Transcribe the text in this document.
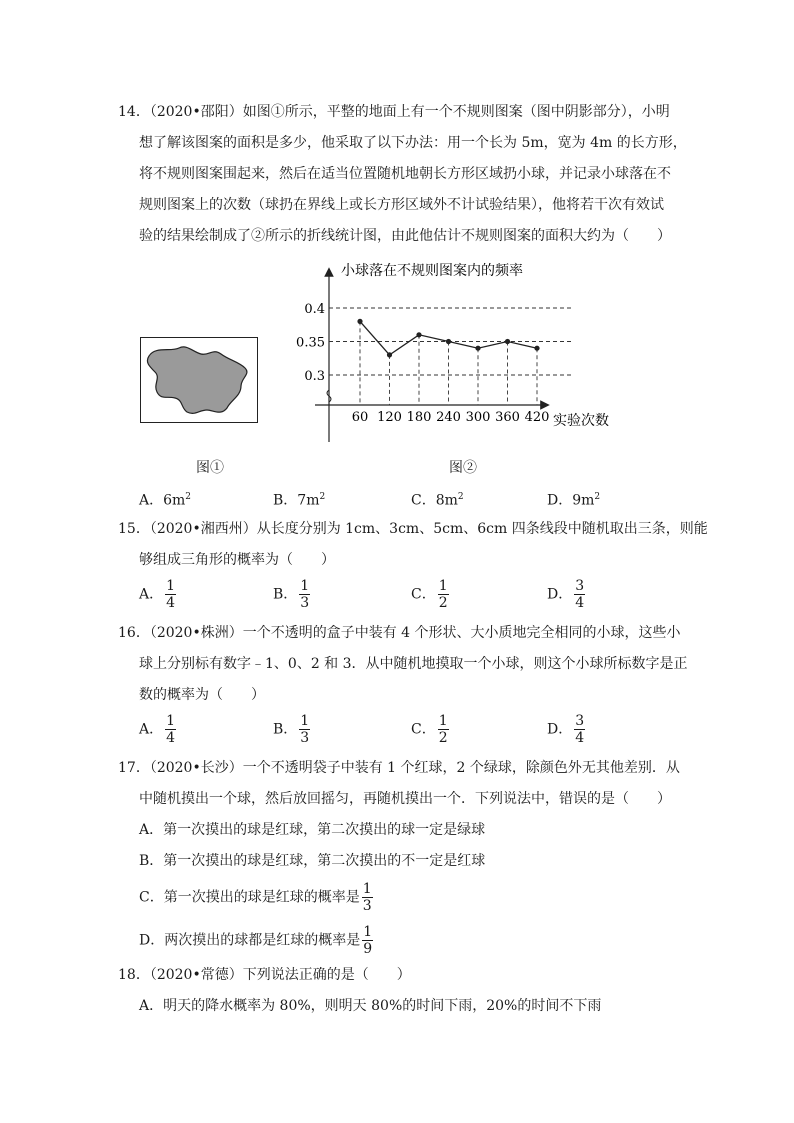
14．（2020•邵阳）如图①所示，平整的地面上有一个不规则图案（图中阴影部分），小明
想了解该图案的面积是多少，他采取了以下办法：用一个长为 5m，宽为 4m 的长方形，
将不规则图案围起来，然后在适当位置随机地朝长方形区域扔小球，并记录小球落在不
规则图案上的次数（球扔在界线上或长方形区域外不计试验结果），他将若干次有效试
验的结果绘制成了②所示的折线统计图，由此他估计不规则图案的面积大约为（　　）
小球落在不规则图案内的频率
实验次数
0.3
0.35
0.4
60 120 180 240 300 360 420
图①	图②
A．$6m^2$	B．$7m^2$	C．$8m^2$	D．$9m^2$
15．（2020•湘西州）从长度分别为 1cm、3cm、5cm、6cm 四条线段中随机取出三条，则能
够组成三角形的概率为（　　）
A． $\frac{1}{4}$	B． $\frac{1}{3}$	C． $\frac{1}{2}$	D． $\frac{3}{4}$
16．（2020•株洲）一个不透明的盒子中装有 4 个形状、大小质地完全相同的小球，这些小
球上分别标有数字﹣1、0、2 和 3．从中随机地摸取一个小球，则这个小球所标数字是正
数的概率为（　　）
A． $\frac{1}{4}$	B． $\frac{1}{3}$	C． $\frac{1}{2}$	D． $\frac{3}{4}$
17．（2020•长沙）一个不透明袋子中装有 1 个红球，2 个绿球，除颜色外无其他差别．从
中随机摸出一个球，然后放回摇匀，再随机摸出一个．下列说法中，错误的是（　　）
A．第一次摸出的球是红球，第二次摸出的球一定是绿球
B．第一次摸出的球是红球，第二次摸出的不一定是红球
C．第一次摸出的球是红球的概率是 $\frac{1}{3}$
D．两次摸出的球都是红球的概率是 $\frac{1}{9}$
18．（2020•常德）下列说法正确的是（　　）
A．明天的降水概率为 80%，则明天 80%的时间下雨，20%的时间不下雨
